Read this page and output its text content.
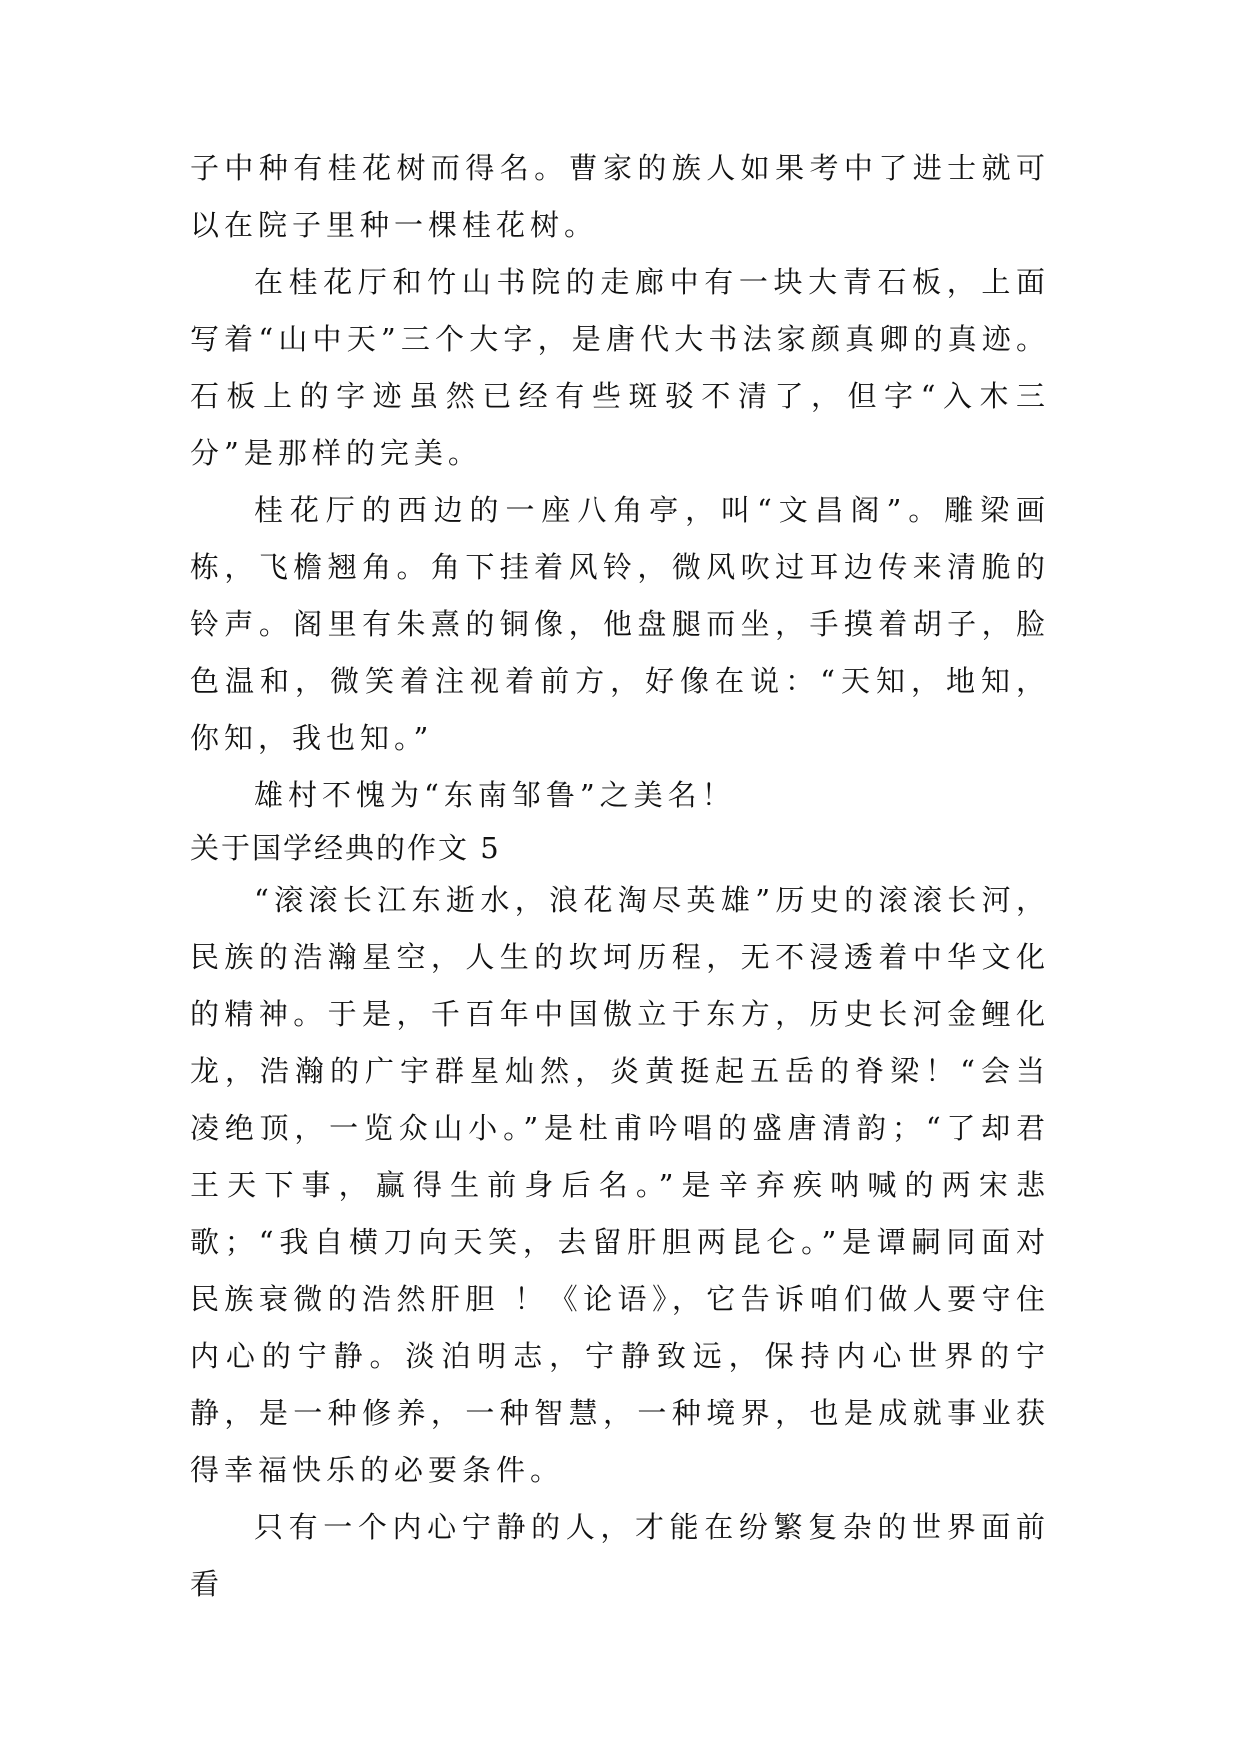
子中种有桂花树而得名。曹家的族人如果考中了进士就可以在院子里种一棵桂花树。

在桂花厅和竹山书院的走廊中有一块大青石板，上面写着“山中天”三个大字，是唐代大书法家颜真卿的真迹。石板上的字迹虽然已经有些斑驳不清了，但字“入木三分”是那样的完美。

桂花厅的西边的一座八角亭，叫“文昌阁”。雕梁画栋，飞檐翘角。角下挂着风铃，微风吹过耳边传来清脆的铃声。阁里有朱熹的铜像，他盘腿而坐，手摸着胡子，脸色温和，微笑着注视着前方，好像在说：“天知，地知，你知，我也知。”

雄村不愧为“东南邹鲁”之美名！

关于国学经典的作文 5

“滚滚长江东逝水，浪花淘尽英雄”历史的滚滚长河，民族的浩瀚星空，人生的坎坷历程，无不浸透着中华文化的精神。于是，千百年中国傲立于东方，历史长河金鲤化龙，浩瀚的广宇群星灿然，炎黄挺起五岳的脊梁！“会当凌绝顶，一览众山小。”是杜甫吟唱的盛唐清韵；“了却君王天下事，赢得生前身后名。”是辛弃疾呐喊的两宋悲歌；“我自横刀向天笑，去留肝胆两昆仑。”是谭嗣同面对民族衰微的浩然肝胆 ！《论语》，它告诉咱们做人要守住内心的宁静。淡泊明志，宁静致远，保持内心世界的宁静，是一种修养，一种智慧，一种境界，也是成就事业获得幸福快乐的必要条件。

只有一个内心宁静的人，才能在纷繁复杂的世界面前看
